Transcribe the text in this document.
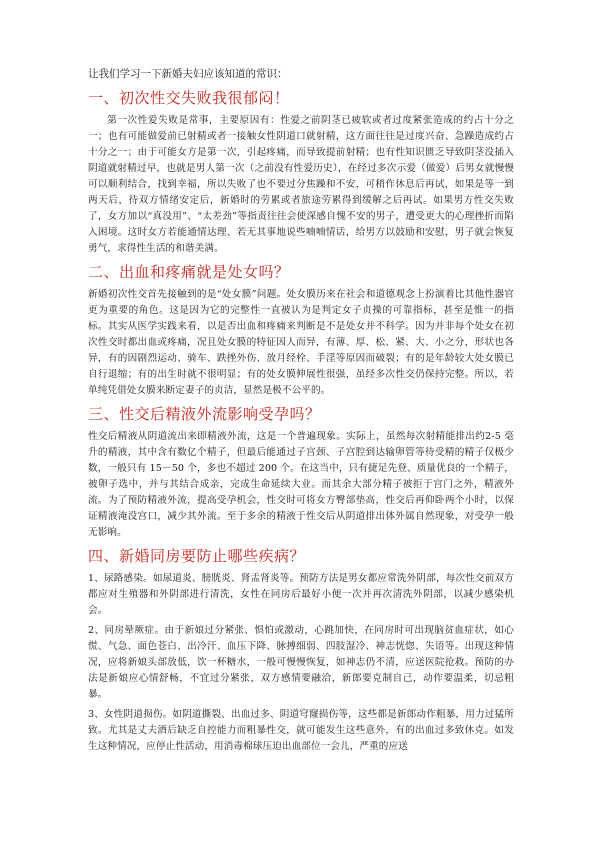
让我们学习一下新婚夫妇应该知道的常识：

一、初次性交失败我很郁闷！

第一次性爱失败是常事，主要原因有：性爱之前阴茎已疲软或者过度紧张造成的约占十分之一；也有可能做爱前已射精或者一接触女性阴道口就射精，这方面往往是过度兴奋、急躁造成约占十分之一；由于可能女方是第一次，引起疼痛，而导致提前射精；也有性知识匮乏导致阴茎没插入阴道就射精过早，也就是男人第一次（之前没有性爱历史），在经过多次示爱（做爱）后男女就慢慢可以顺利结合，找到幸福，所以失败了也不要过分焦躁和不安，可稍作休息后再试，如果是等一到两天后，待双方情绪安定后，新婚时的劳累或者旅途劳累得到缓解之后再试。如果男方性交失败了，女方加以“真没用”、“太差劲”等指责往往会使深感自愧不安的男子，遭受更大的心理挫折而陷入困境。这时女方若能通情达理、若无其事地说些喃喃情话，给男方以鼓励和安慰，男子就会恢复勇气，求得性生活的和谐美满。

二、出血和疼痛就是处女吗？

新婚初次性交首先接触到的是“处女膜”问题。处女膜历来在社会和道德观念上扮演着比其他性器官更为重要的角色。这是因为它的完整性一直被认为是判定女子贞操的可靠指标，甚至是惟一的指标。其实从医学实践来看，以是否出血和疼痛来判断是不是处女并不科学。因为并非每个处女在初次性交时都出血或疼痛，况且处女膜的特征因人而异，有薄、厚、松、紧、大、小之分，形状也各异，有的因剧烈运动、骑车、跌挫外伤、放月经栓、手淫等原因而破裂；有的是年龄较大处女膜已自行退缩；有的出生时就不很明显；有的处女膜伸展性很强，虽经多次性交仍保持完整。所以，若单纯凭借处女膜来断定妻子的贞洁，显然是极不公平的。

三、性交后精液外流影响受孕吗？

性交后精液从阴道流出来即精液外流，这是一个普遍现象。实际上，虽然每次射精能排出约2-5 毫升的精液，其中含有数亿个精子，但最后能通过子宫颈、子宫腔到达输卵管等待受精的精子仅极少数，一般只有 15－50 个，多也不超过 200 个。在这当中，只有捷足先登、质量优良的一个精子，被卵子选中，并与其结合成亲，完成生命延续大业。而其余大部分精子被拒于宫门之外，精液外流。为了预防精液外流，提高受孕机会，性交时可将女方臀部垫高，性交后再仰卧两个小时，以保证精液淹没宫口，减少其外流。至于多余的精液于性交后从阴道排出体外属自然现象，对受孕一般无影响。

四、新婚同房要防止哪些疾病？

1、尿路感染。如尿道炎、膀胱炎、肾盂肾炎等。预防方法是男女都应常洗外阴部，每次性交前双方都应对生殖器和外阴部进行清洗，女性在同房后最好小便一次并再次清洗外阴部，以减少感染机会。

2、同房晕厥症。由于新娘过分紧张、惧怕或激动，心跳加快，在同房时可出现脑贫血症状，如心慌、气急、面色苍白、出冷汗、血压下降、脉搏细弱、四肢湿冷、神志恍惚、失语等。出现这种情况，应将新娘头部放低，饮一杯糖水，一般可慢慢恢复，如神志仍不清，应送医院抢救。预防的办法是新娘应心情舒畅，不宜过分紧张，双方感情要融洽，新郎要克制自己，动作要温柔，切忌粗暴。

3、女性阴道损伤。如阴道撕裂、出血过多、阴道穹窿损伤等，这些都是新郎动作粗暴，用力过猛所致。尤其是丈夫酒后缺乏自控能力而粗暴性交，就可能发生这些意外，有的出血过多致休克。如发生这种情况，应停止性活动，用消毒棉球压迫出血部位一会儿，严重的应送
